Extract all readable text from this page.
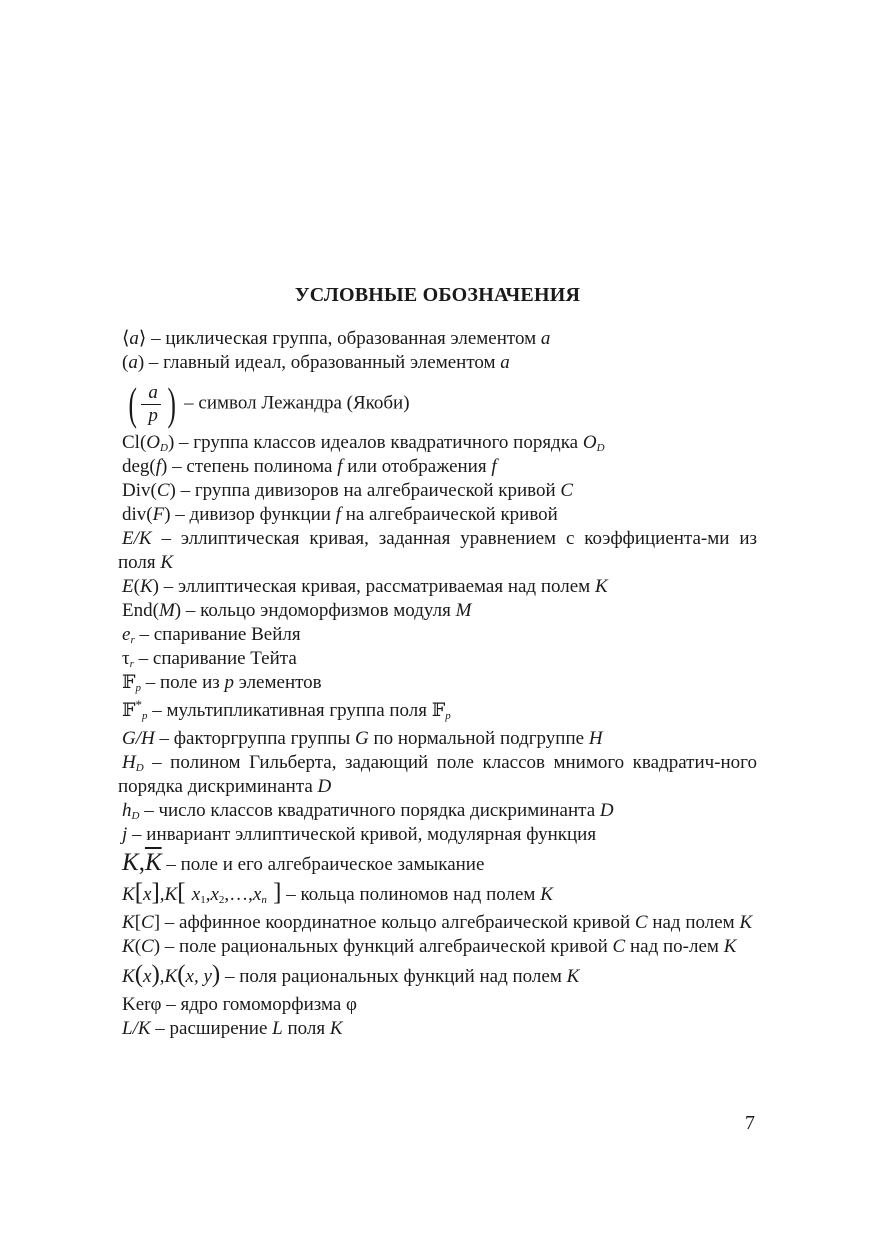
УСЛОВНЫЕ ОБОЗНАЧЕНИЯ
⟨a⟩ – циклическая группа, образованная элементом a
(a) – главный идеал, образованный элементом a
( a
p ) – символ Лежандра (Якоби)
$Cl(O_D)$ – группа классов идеалов квадратичного порядка $O_D$
deg(f) – степень полинома f или отображения f
Div(C) – группа дивизоров на алгебраической кривой C
div(F) – дивизор функции f на алгебраической кривой
E/K – эллиптическая кривая, заданная уравнением с коэффициента-ми из поля K
E(K) – эллиптическая кривая, рассматриваемая над полем K
End(M) – кольцо эндоморфизмов модуля M
$e_r$ – спаривание Вейля
$\tau_r$ – спаривание Тейта
𝔽$_p$ – поле из p элементов
𝔽*$_p$ – мультипликативная группа поля 𝔽$_p$
G/H – факторгруппа группы G по нормальной подгруппе H
$H_D$ – полином Гильберта, задающий поле классов мнимого квадратич-ного порядка дискриминанта D
$h_D$ – число классов квадратичного порядка дискриминанта D
j – инвариант эллиптической кривой, модулярная функция
$K,\overline{K}$ – поле и его алгебраическое замыкание
K[x],K[ $x_1,x_2,\dots,x_n$ ] – кольца полиномов над полем K
K[C] – аффинное координатное кольцо алгебраической кривой C над полем K
K(C) – поле рациональных функций алгебраической кривой C над по-лем K
K(x),K(x, y) – поля рациональных функций над полем K
Kerφ – ядро гомоморфизма φ
L/K – расширение L поля K
7
